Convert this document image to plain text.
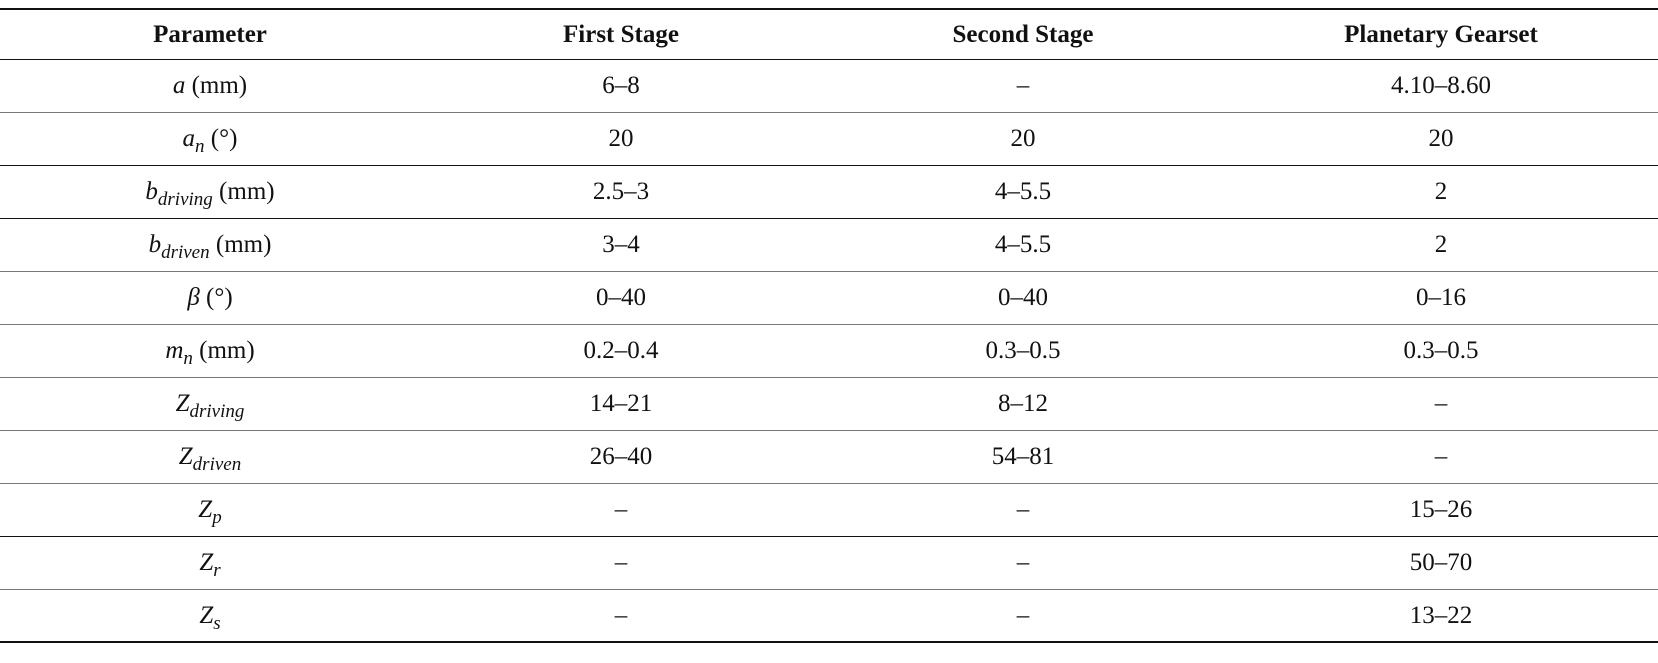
Parameter	First Stage	Second Stage	Planetary Gearset
a (mm)	6–8	–	4.10–8.60
$a_n$ (°)	20	20	20
$b_{driving}$ (mm)	2.5–3	4–5.5	2
$b_{driven}$ (mm)	3–4	4–5.5	2
β (°)	0–40	0–40	0–16
$m_n$ (mm)	0.2–0.4	0.3–0.5	0.3–0.5
$Z_{driving}$	14–21	8–12	–
$Z_{driven}$	26–40	54–81	–
$Z_p$	–	–	15–26
$Z_r$	–	–	50–70
$Z_s$	–	–	13–22
